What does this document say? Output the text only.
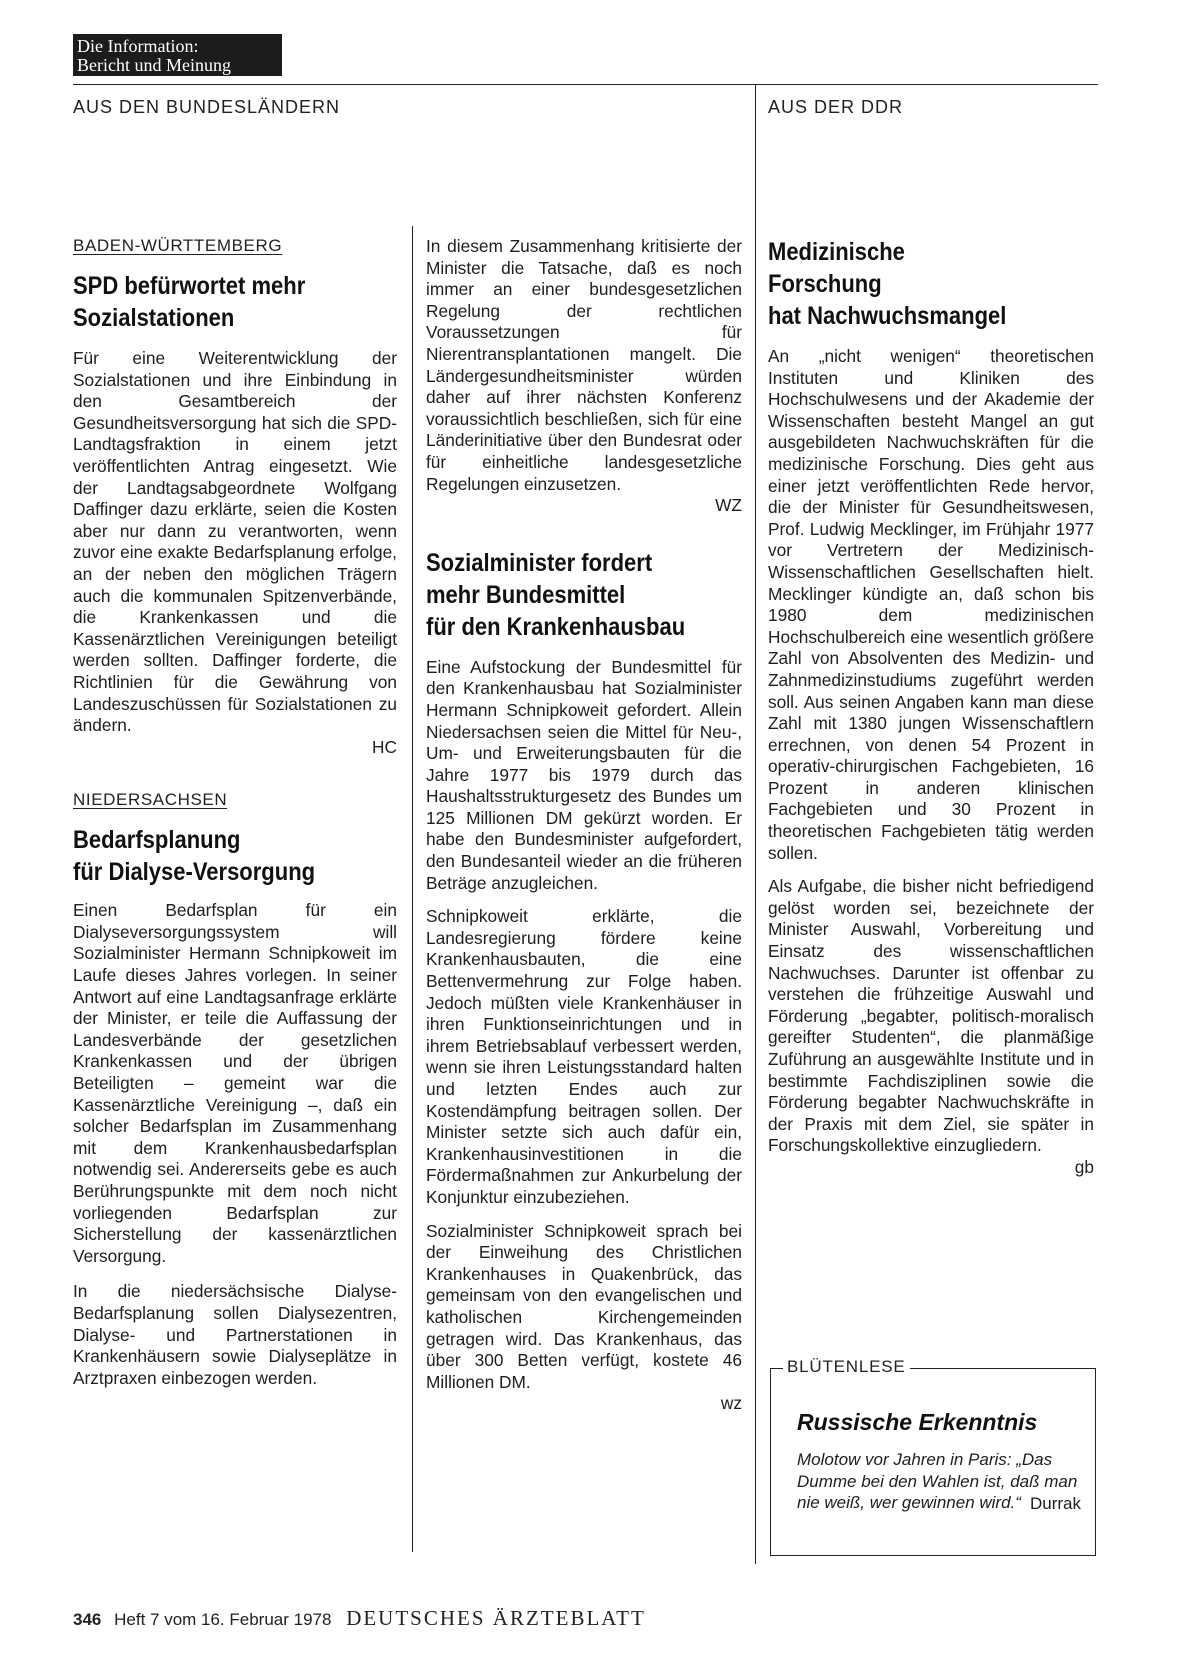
Die Information:
Bericht und Meinung
AUS DEN BUNDESLÄNDERN	AUS DER DDR
BADEN-WÜRTTEMBERG
SPD befürwortet mehr
Sozialstationen
Für eine Weiterentwicklung der Sozialstationen und ihre Einbindung in den Gesamtbereich der Gesundheitsversorgung hat sich die SPD-Landtagsfraktion in einem jetzt veröffentlichten Antrag eingesetzt. Wie der Landtagsabgeordnete Wolfgang Daffinger dazu erklärte, seien die Kosten aber nur dann zu verantworten, wenn zuvor eine exakte Bedarfsplanung erfolge, an der neben den möglichen Trägern auch die kommunalen Spitzenverbände, die Krankenkassen und die Kassenärztlichen Vereinigungen beteiligt werden sollten. Daffinger forderte, die Richtlinien für die Gewährung von Landeszuschüssen für Sozialstationen zu ändern.
HC
NIEDERSACHSEN
Bedarfsplanung
für Dialyse-Versorgung
Einen Bedarfsplan für ein Dialyseversorgungssystem will Sozialminister Hermann Schnipkoweit im Laufe dieses Jahres vorlegen. In seiner Antwort auf eine Landtagsanfrage erklärte der Minister, er teile die Auffassung der Landesverbände der gesetzlichen Krankenkassen und der übrigen Beteiligten – gemeint war die Kassenärztliche Vereinigung –, daß ein solcher Bedarfsplan im Zusammenhang mit dem Krankenhausbedarfsplan notwendig sei. Andererseits gebe es auch Berührungspunkte mit dem noch nicht vorliegenden Bedarfsplan zur Sicherstellung der kassenärztlichen Versorgung.
In die niedersächsische Dialyse-Bedarfsplanung sollen Dialysezentren, Dialyse- und Partnerstationen in Krankenhäusern sowie Dialyseplätze in Arztpraxen einbezogen werden.
In diesem Zusammenhang kritisierte der Minister die Tatsache, daß es noch immer an einer bundesgesetzlichen Regelung der rechtlichen Voraussetzungen für Nierentransplantationen mangelt. Die Ländergesundheitsminister würden daher auf ihrer nächsten Konferenz voraussichtlich beschließen, sich für eine Länderinitiative über den Bundesrat oder für einheitliche landesgesetzliche Regelungen einzusetzen.
WZ
Sozialminister fordert
mehr Bundesmittel
für den Krankenhausbau
Eine Aufstockung der Bundesmittel für den Krankenhausbau hat Sozialminister Hermann Schnipkoweit gefordert. Allein Niedersachsen seien die Mittel für Neu-, Um- und Erweiterungsbauten für die Jahre 1977 bis 1979 durch das Haushaltsstrukturgesetz des Bundes um 125 Millionen DM gekürzt worden. Er habe den Bundesminister aufgefordert, den Bundesanteil wieder an die früheren Beträge anzugleichen.
Schnipkoweit erklärte, die Landesregierung fördere keine Krankenhausbauten, die eine Bettenvermehrung zur Folge haben. Jedoch müßten viele Krankenhäuser in ihren Funktionseinrichtungen und in ihrem Betriebsablauf verbessert werden, wenn sie ihren Leistungsstandard halten und letzten Endes auch zur Kostendämpfung beitragen sollen. Der Minister setzte sich auch dafür ein, Krankenhausinvestitionen in die Fördermaßnahmen zur Ankurbelung der Konjunktur einzubeziehen.
Sozialminister Schnipkoweit sprach bei der Einweihung des Christlichen Krankenhauses in Quakenbrück, das gemeinsam von den evangelischen und katholischen Kirchengemeinden getragen wird. Das Krankenhaus, das über 300 Betten verfügt, kostete 46 Millionen DM.
wz
Medizinische
Forschung
hat Nachwuchsmangel
An „nicht wenigen“ theoretischen Instituten und Kliniken des Hochschulwesens und der Akademie der Wissenschaften besteht Mangel an gut ausgebildeten Nachwuchskräften für die medizinische Forschung. Dies geht aus einer jetzt veröffentlichten Rede hervor, die der Minister für Gesundheitswesen, Prof. Ludwig Mecklinger, im Frühjahr 1977 vor Vertretern der Medizinisch-Wissenschaftlichen Gesellschaften hielt. Mecklinger kündigte an, daß schon bis 1980 dem medizinischen Hochschulbereich eine wesentlich größere Zahl von Absolventen des Medizin- und Zahnmedizinstudiums zugeführt werden soll. Aus seinen Angaben kann man diese Zahl mit 1380 jungen Wissenschaftlern errechnen, von denen 54 Prozent in operativ-chirurgischen Fachgebieten, 16 Prozent in anderen klinischen Fachgebieten und 30 Prozent in theoretischen Fachgebieten tätig werden sollen.
Als Aufgabe, die bisher nicht befriedigend gelöst worden sei, bezeichnete der Minister Auswahl, Vorbereitung und Einsatz des wissenschaftlichen Nachwuchses. Darunter ist offenbar zu verstehen die frühzeitige Auswahl und Förderung „begabter, politisch-moralisch gereifter Studenten“, die planmäßige Zuführung an ausgewählte Institute und in bestimmte Fachdisziplinen sowie die Förderung begabter Nachwuchskräfte in der Praxis mit dem Ziel, sie später in Forschungskollektive einzugliedern.
gb
BLÜTENLESE
Russische Erkenntnis
Molotow vor Jahren in Paris: „Das Dumme bei den Wahlen ist, daß man nie weiß, wer gewinnen wird.“ Durrak
346 Heft 7 vom 16. Februar 1978 DEUTSCHES ÄRZTEBLATT
